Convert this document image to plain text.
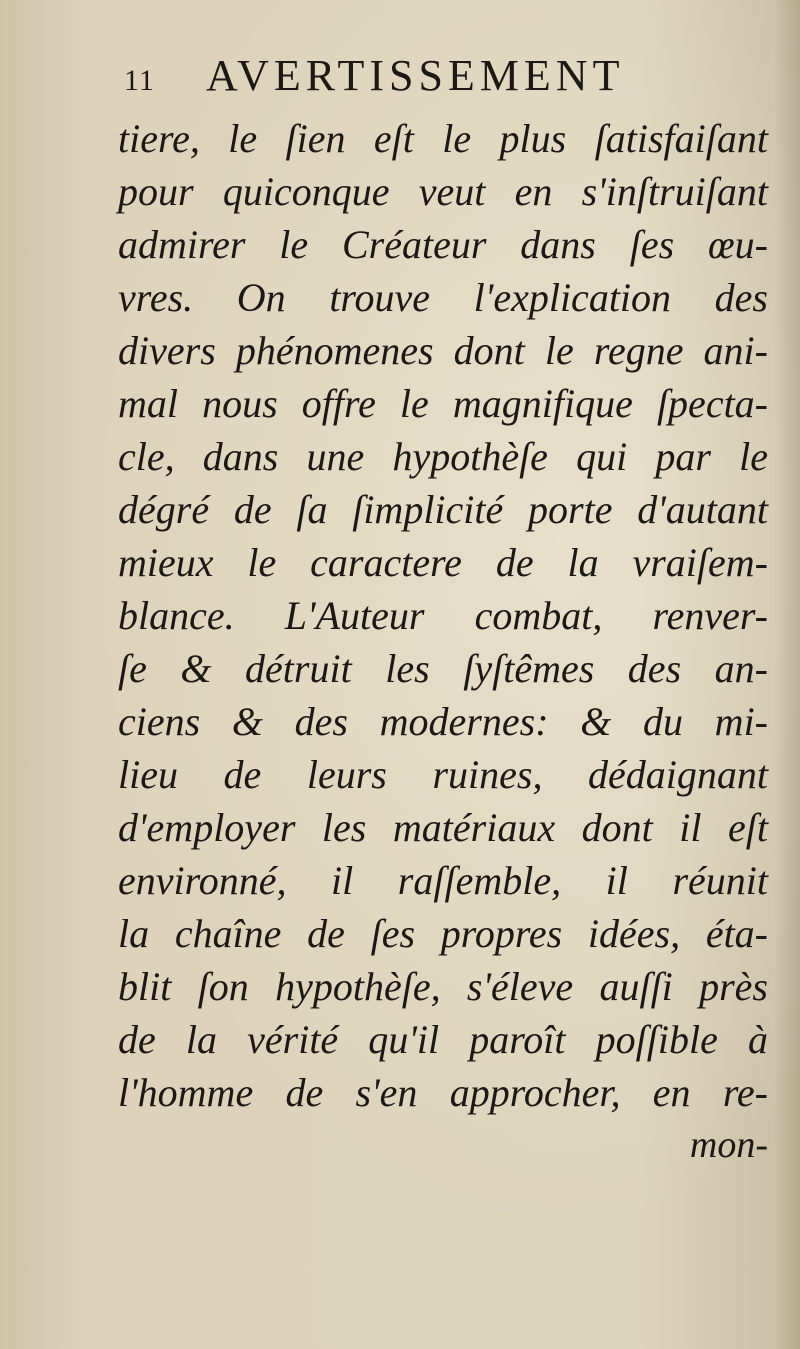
11 AVERTISSEMENT
tiere, le ſien eſt le plus ſatisfaiſant
pour quiconque veut en s'inſtruiſant
admirer le Créateur dans ſes œu-
vres. On trouve l'explication des
divers phénomenes dont le regne ani-
mal nous offre le magnifique ſpecta-
cle, dans une hypothèſe qui par le
dégré de ſa ſimplicité porte d'autant
mieux le caractere de la vraiſem-
blance. L'Auteur combat, renver-
ſe & détruit les ſyſtêmes des an-
ciens & des modernes: & du mi-
lieu de leurs ruines, dédaignant
d'employer les matériaux dont il eſt
environné, il raſſemble, il réunit
la chaîne de ſes propres idées, éta-
blit ſon hypothèſe, s'éleve auſſi près
de la vérité qu'il paroît poſſible à
l'homme de s'en approcher, en re-
mon-
